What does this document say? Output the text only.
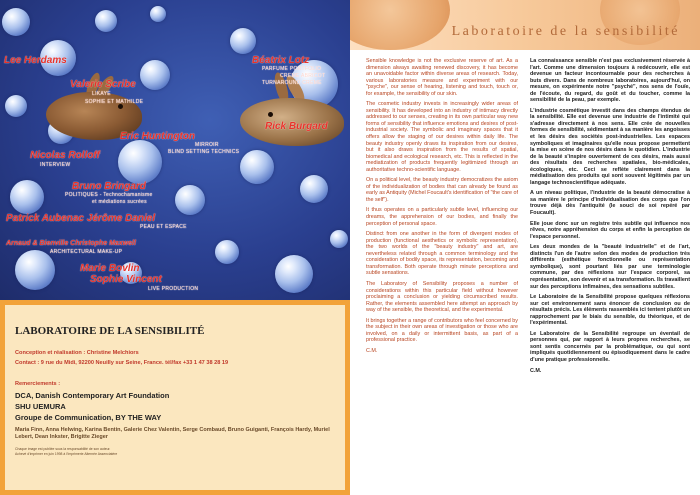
Lee Herdams
Valerie Scribe
LIKAYE
SOPHIE ET MATHILDE
Béatrix Lotz
PARFUME PORTFOLIO
CREME ABRICOT
TURNAROUND CREME
Rick Burgard
Eric Huntington
MIRROIR
BLIND SETTING TECHNICS
Nicolas Rolloff
INTERVIEW
Bruno Bringard
POLITIQUES - Technochamanisme
et médiations sucrées
Patrick Aubenac Jérôme Daniel
PEAU ET ESPACE
Arnaud & Bienville Christophe Maxwell
ARCHITECTURAL MAKE-UP
Marie Bovlin
Sophie Vincent
LIVE PRODUCTION
LABORATOIRE DE LA SENSIBILITÉ
Conception et réalisation : Christine Melchiors
Contact : 9 rue du Midi, 92200 Neuilly sur Seine, France. tél/fax +33 1 47 38 28 19
Remerciements :
DCA, Danish Contemporary Art Foundation
SHU UEMURA
Groupe de Communication, BY THE WAY
Maria Finn, Anna Helwing, Karina Bentin, Galerie Chez Valentin, Serge Combaud, Bruno Guiganti, François Hardy, Muriel Lebert, Dean Inkster, Brigitte Zieger
Chaque image est publiée sous la responsabilité de son auteur.
Achevé d'imprimer en juin 1998 à l'Imprimerie Alternée Assenciatère
Laboratoire de la sensibilité

Sensible knowledge is not the exclusive reserve of art. As a dimension always awaiting renewed discovery, it has become an unavoidable factor within diverse areas of research. Today, various laboratories measure and experiment with our "psyche", our sense of hearing, listening and touch, touch or, for example, the sensibility of our skin.

The cosmetic industry invests in increasingly wider areas of sensibility. It has developed into an industry of intimacy directly addressed to our senses, creating in its own particular way new forms of sensibility that influence emotions and desires of post-industrial society. The symbolic and imaginary spaces that it offers allow the staging of our desires within daily life. The beauty industry openly draws its inspiration from our desires, but it also draws inspiration from the results of spatial, biomedical and ecological research, etc. This is reflected in the mediatization of products frequently legitimized through an authoritative techno-scientific language.

On a political level, the beauty industry democratizes the axiom of the individualization of bodies that can already be found as early as Antiquity (Michel Foucault's identification of "the care of the self").

It thus operates on a particularly subtle level, influencing our dreams, the apprehension of our bodies, and finally the perception of personal space.

Distinct from one another in the form of divergent modes of production (functional aesthetics or symbolic representation), the two worlds of the "beauty industry" and art, are nevertheless related through a common terminology and the consideration of bodily space, its representation, becoming and transformation. Both operate through minute perceptions and subtle sensations.

The Laboratory of Sensibility proposes a number of considerations within this particular field without however proclaiming a conclusion or yielding circumscribed results. Rather, the elements assembled here attempt an approach by way of the sensible, the theoretical, and the experimental.

It brings together a range of contributors who feel concerned by the subject in their own areas of investigation or those who are involved, on a daily or intermittent basis, as part of a professional practice.

C.M.

La connaissance sensible n'est pas exclusivement réservée à l'art. Comme une dimension toujours à redécouvrir, elle est devenue un facteur incontournable pour des recherches à buts divers. Dans de nombreux laboratoires, aujourd'hui, on mesure, on expérimente notre "psyché", nos sens de l'ouïe, de l'écoute, du regard, du goût et du toucher, comme la sensibilité de la peau, par exemple.

L'industrie cosmétique investit dans des champs étendus de la sensibilité. Elle est devenue une industrie de l'intimité qui s'adresse directement à nos sens. Elle crée de nouvelles formes de sensibilité, sédimentant à sa manière les angoisses et les désirs des sociétés post-industrielles. Les espaces symboliques et imaginaires qu'elle nous propose permettent la mise en scène de nos désirs dans le quotidien. L'industrie de la beauté s'inspire ouvertement de ces désirs, mais aussi des résultats des recherches spatiales, bio-médicales, écologiques, etc. Ceci se reflète clairement dans la médiatisation des produits qui sont souvent légitimés par un langage technoscientifique adéquate.

A un niveau politique, l'industrie de la beauté démocratise à sa manière le principe d'individualisation des corps que l'on trouve déjà dès l'antiquité (le souci de soi repéré par Foucault).

Elle joue donc sur un registre très subtile qui influence nos rêves, notre appréhension du corps et enfin la perception de l'espace personnel.

Les deux mondes de la "beauté industrielle" et de l'art, distincts l'un de l'autre selon des modes de production très différents (esthétique fonctionnelle ou représentation symbolique), sont pourtant liés par une terminologie commune, par des réflexions sur l'espace corporel, sa représentation, son devenir et sa transformation. Ils travaillent sur des perceptions infimaines, des sensations subtiles.

Le Laboratoire de la Sensibilité propose quelques réflexions sur cet environnement sans énoncer de conclusion ou de résultats précis. Les éléments rassemblés ici tentent plutôt un rapprochement par le biais du sensible, du théorique, et de l'expérimental.

Le Laboratoire de la Sensibilité regroupe un éventail de personnes qui, par rapport à leurs propres recherches, se sont sentis concernés par la problématique, ou qui sont impliqués quotidiennement ou épisodiquement dans le cadre d'une pratique professionnelle.

C.M.
